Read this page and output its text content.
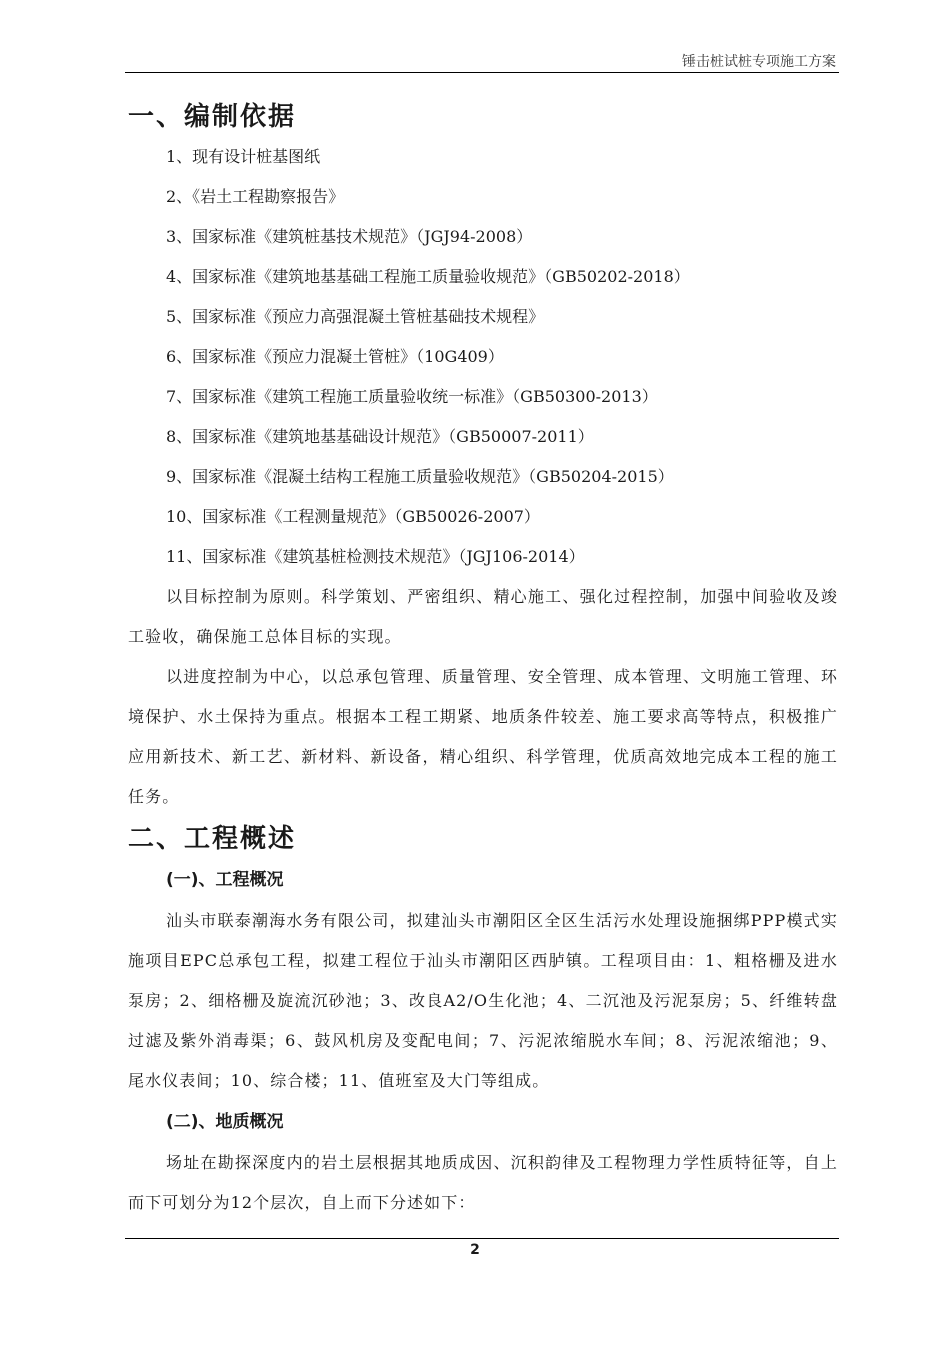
锤击桩试桩专项施工方案
一、编制依据
1、现有设计桩基图纸
2、《岩土工程勘察报告》
3、国家标准《建筑桩基技术规范》（JGJ94-2008）
4、国家标准《建筑地基基础工程施工质量验收规范》（GB50202-2018）
5、国家标准《预应力高强混凝土管桩基础技术规程》
6、国家标准《预应力混凝土管桩》（10G409）
7、国家标准《建筑工程施工质量验收统一标准》（GB50300-2013）
8、国家标准《建筑地基基础设计规范》（GB50007-2011）
9、国家标准《混凝土结构工程施工质量验收规范》（GB50204-2015）
10、国家标准《工程测量规范》（GB50026-2007）
11、国家标准《建筑基桩检测技术规范》（JGJ106-2014）

以目标控制为原则。科学策划、严密组织、精心施工、强化过程控制，加强中间验收及竣工验收，确保施工总体目标的实现。

以进度控制为中心，以总承包管理、质量管理、安全管理、成本管理、文明施工管理、环境保护、水土保持为重点。根据本工程工期紧、地质条件较差、施工要求高等特点，积极推广应用新技术、新工艺、新材料、新设备，精心组织、科学管理，优质高效地完成本工程的施工任务。

二、工程概述
(一)、工程概况

汕头市联泰潮海水务有限公司，拟建汕头市潮阳区全区生活污水处理设施捆绑PPP模式实施项目EPC总承包工程，拟建工程位于汕头市潮阳区西胪镇。工程项目由：1、粗格栅及进水泵房；2、细格栅及旋流沉砂池；3、改良A2/O生化池；4、二沉池及污泥泵房；5、纤维转盘过滤及紫外消毒渠；6、鼓风机房及变配电间；7、污泥浓缩脱水车间；8、污泥浓缩池；9、尾水仪表间；10、综合楼；11、值班室及大门等组成。

(二)、地质概况

场址在勘探深度内的岩土层根据其地质成因、沉积韵律及工程物理力学性质特征等，自上而下可划分为12个层次，自上而下分述如下：

2
